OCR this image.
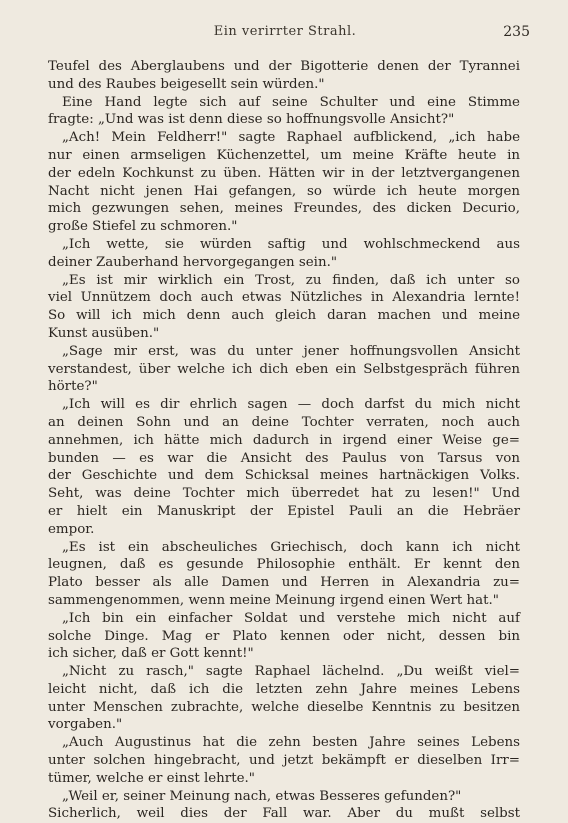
Ein verirrter Strahl.	235
Teufel des Aberglaubens und der Bigotterie denen der Tyrannei
und des Raubes beigesellt sein würden."
Eine Hand legte sich auf seine Schulter und eine Stimme
fragte: „Und was ist denn diese so hoffnungsvolle Ansicht?"
„Ach! Mein Feldherr!" sagte Raphael aufblickend, „ich habe
nur einen armseligen Küchenzettel, um meine Kräfte heute in
der edeln Kochkunst zu üben. Hätten wir in der letztvergangenen
Nacht nicht jenen Hai gefangen, so würde ich heute morgen
mich gezwungen sehen, meines Freundes, des dicken Decurio,
große Stiefel zu schmoren."
„Ich wette, sie würden saftig und wohlschmeckend aus
deiner Zauberhand hervorgegangen sein."
„Es ist mir wirklich ein Trost, zu finden, daß ich unter so
viel Unnützem doch auch etwas Nützliches in Alexandria lernte!
So will ich mich denn auch gleich daran machen und meine
Kunst ausüben."
„Sage mir erst, was du unter jener hoffnungsvollen Ansicht
verstandest, über welche ich dich eben ein Selbstgespräch führen
hörte?"
„Ich will es dir ehrlich sagen — doch darfst du mich nicht
an deinen Sohn und an deine Tochter verraten, noch auch
annehmen, ich hätte mich dadurch in irgend einer Weise ge=
bunden — es war die Ansicht des Paulus von Tarsus von
der Geschichte und dem Schicksal meines hartnäckigen Volks.
Seht, was deine Tochter mich überredet hat zu lesen!" Und
er hielt ein Manuskript der Epistel Pauli an die Hebräer
empor.
„Es ist ein abscheuliches Griechisch, doch kann ich nicht
leugnen, daß es gesunde Philosophie enthält. Er kennt den
Plato besser als alle Damen und Herren in Alexandria zu=
sammengenommen, wenn meine Meinung irgend einen Wert hat."
„Ich bin ein einfacher Soldat und verstehe mich nicht auf
solche Dinge. Mag er Plato kennen oder nicht, dessen bin
ich sicher, daß er Gott kennt!"
„Nicht zu rasch," sagte Raphael lächelnd. „Du weißt viel=
leicht nicht, daß ich die letzten zehn Jahre meines Lebens
unter Menschen zubrachte, welche dieselbe Kenntnis zu besitzen
vorgaben."
„Auch Augustinus hat die zehn besten Jahre seines Lebens
unter solchen hingebracht, und jetzt bekämpft er dieselben Irr=
tümer, welche er einst lehrte."
„Weil er, seiner Meinung nach, etwas Besseres gefunden?"
Sicherlich, weil dies der Fall war. Aber du mußt selbst
